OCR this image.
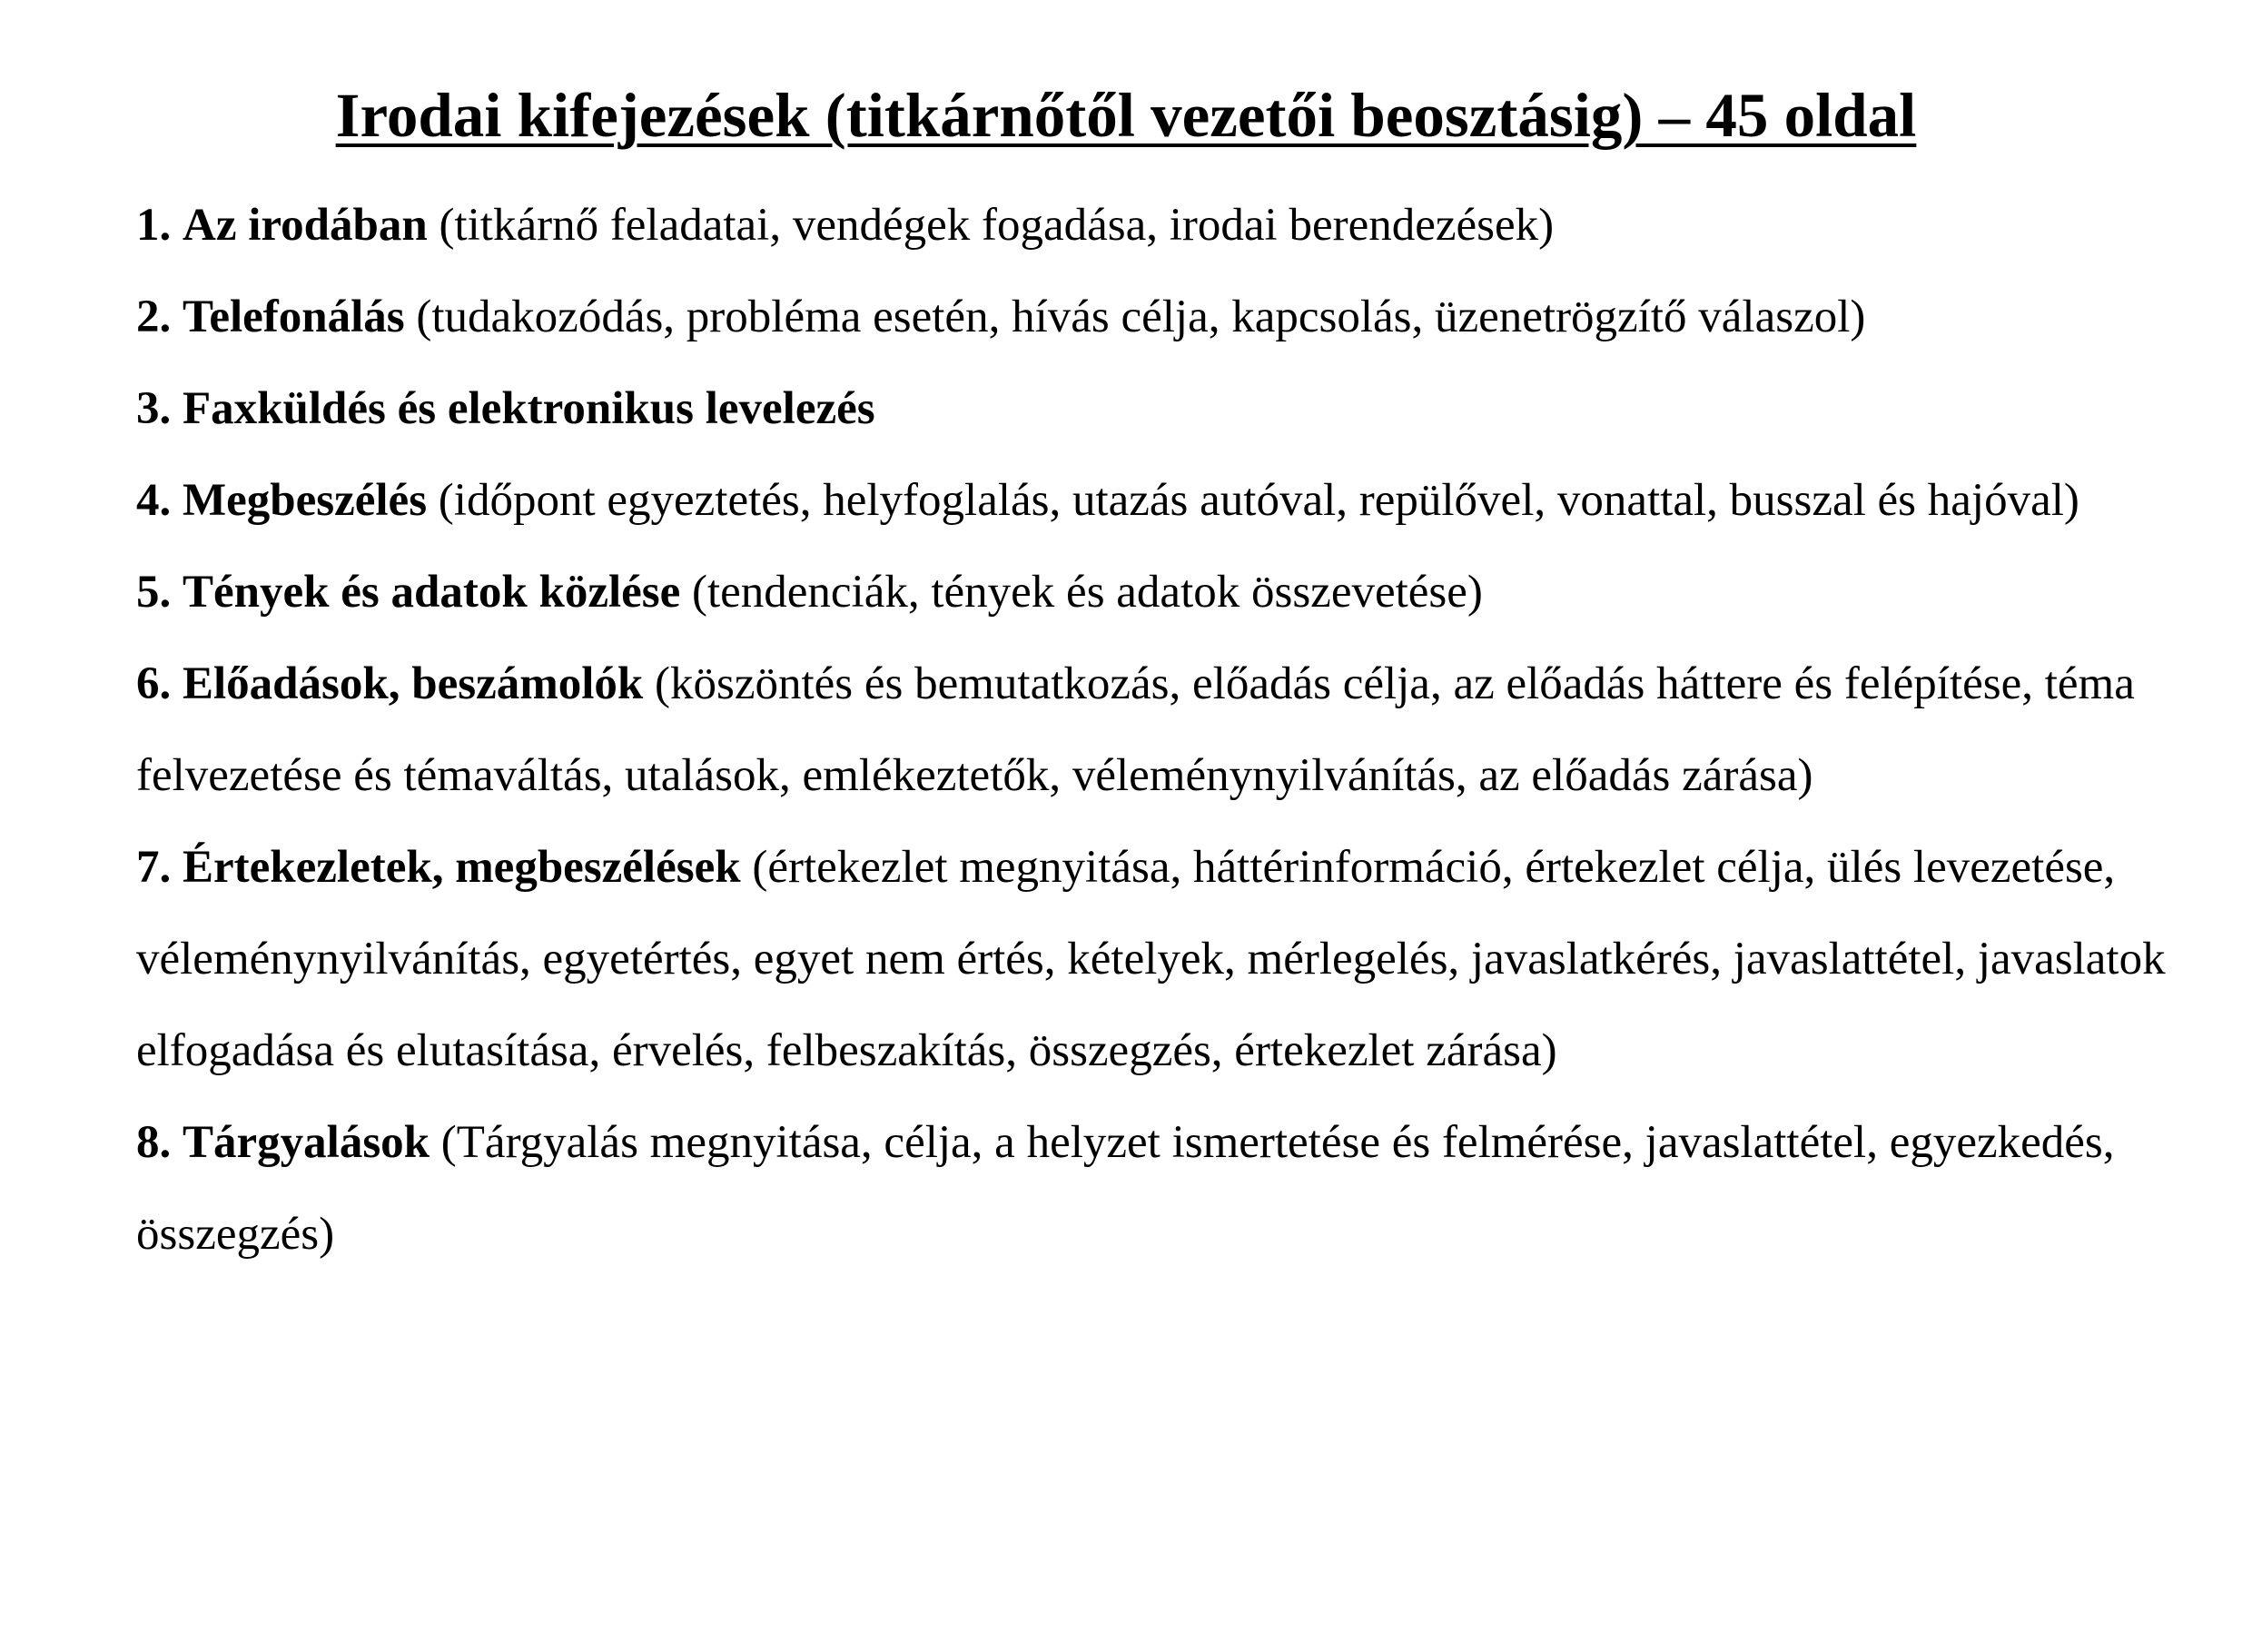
Irodai kifejezések (titkárnőtől vezetői beosztásig) – 45 oldal
1. Az irodában (titkárnő feladatai, vendégek fogadása, irodai berendezések)
2. Telefonálás (tudakozódás, probléma esetén, hívás célja, kapcsolás, üzenetrögzítő válaszol)
3. Faxküldés és elektronikus levelezés
4. Megbeszélés (időpont egyeztetés, helyfoglalás, utazás autóval, repülővel, vonattal, busszal és hajóval)
5. Tények és adatok közlése (tendenciák, tények és adatok összevetése)
6. Előadások, beszámolók (köszöntés és bemutatkozás, előadás célja, az előadás háttere és felépítése, téma felvezetése és témaváltás, utalások, emlékeztetők, véleménynyilvánítás, az előadás zárása)
7. Értekezletek, megbeszélések (értekezlet megnyitása, háttérinformáció, értekezlet célja, ülés levezetése, véleménynyilvánítás, egyetértés, egyet nem értés, kételyek, mérlegelés, javaslatkérés, javaslattétel, javaslatok elfogadása és elutasítása, érvelés, felbeszakítás, összegzés, értekezlet zárása)
8. Tárgyalások (Tárgyalás megnyitása, célja, a helyzet ismertetése és felmérése, javaslattétel, egyezkedés, összegzés)
